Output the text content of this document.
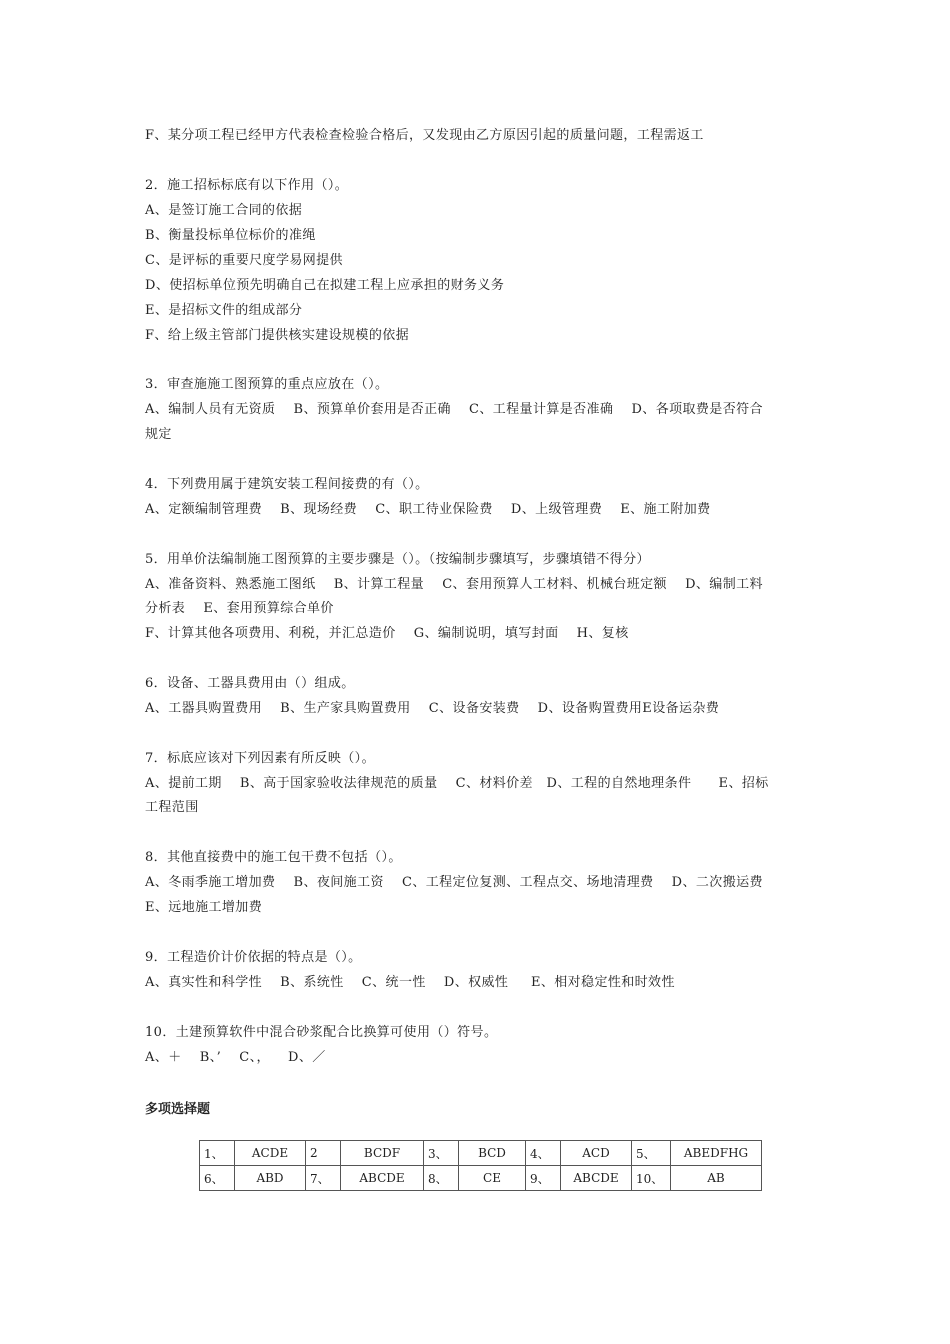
F、某分项工程已经甲方代表检查检验合格后，又发现由乙方原因引起的质量问题，工程需返工
2．施工招标标底有以下作用（）。
A、是签订施工合同的依据
B、衡量投标单位标价的准绳
C、是评标的重要尺度学易网提供
D、使招标单位预先明确自己在拟建工程上应承担的财务义务
E、是招标文件的组成部分
F、给上级主管部门提供核实建设规模的依据
3．审查施施工图预算的重点应放在（）。
A、编制人员有无资质    B、预算单价套用是否正确    C、工程量计算是否准确    D、各项取费是否符合
规定
4．下列费用属于建筑安装工程间接费的有（）。
A、定额编制管理费    B、现场经费    C、职工待业保险费    D、上级管理费    E、施工附加费
5．用单价法编制施工图预算的主要步骤是（）。（按编制步骤填写，步骤填错不得分）
A、准备资料、熟悉施工图纸    B、计算工程量    C、套用预算人工材料、机械台班定额    D、编制工料
分析表    E、套用预算综合单价
F、计算其他各项费用、利税，并汇总造价    G、编制说明，填写封面    H、复核
6．设备、工器具费用由（）组成。
A、工器具购置费用    B、生产家具购置费用    C、设备安装费    D、设备购置费用E设备运杂费
7．标底应该对下列因素有所反映（）。
A、提前工期    B、高于国家验收法律规范的质量    C、材料价差   D、工程的自然地理条件      E、招标
工程范围
8．其他直接费中的施工包干费不包括（）。
A、冬雨季施工增加费    B、夜间施工资    C、工程定位复测、工程点交、场地清理费    D、二次搬运费
E、远地施工增加费
9．工程造价计价依据的特点是（）。
A、真实性和科学性    B、系统性    C、统一性    D、权威性     E、相对稳定性和时效性
10．土建预算软件中混合砂浆配合比换算可使用（）符号。
A、＋    B、’    C、，    D、／
多项选择题
1、	ACDE	2	BCDF	3、	BCD	4、	ACD	5、	ABEDFHG
6、	ABD	7、	ABCDE	8、	CE	9、	ABCDE	10、	AB
